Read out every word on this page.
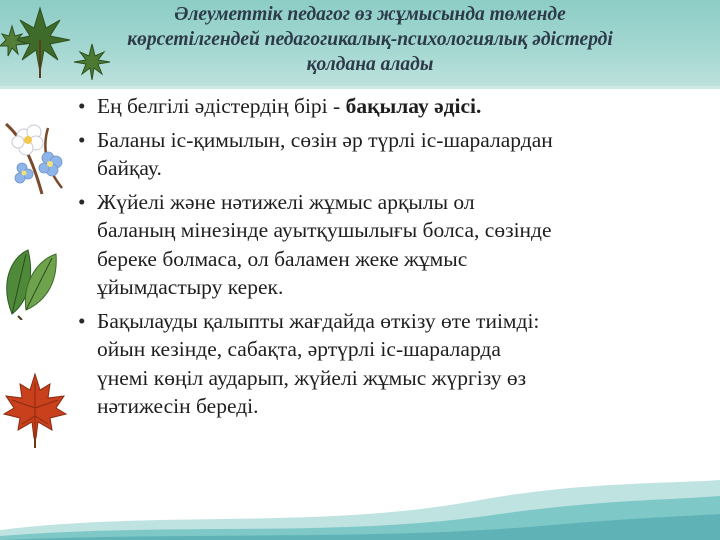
Әлеуметтік педагог өз жұмысында төменде
көрсетілгендей педагогикалық-психологиялық әдістерді
қолдана алады
• Ең белгілі әдістердің бірі - бақылау әдісі.
• Баланы іс-қимылын, сөзін әр түрлі іс-шаралардан
байқау.
• Жүйелі және нәтижелі жұмыс арқылы ол
баланың мінезінде ауытқушылығы болса, сөзінде
береке болмаса, ол баламен жеке жұмыс
ұйымдастыру керек.
• Бақылауды қалыпты жағдайда өткізу өте тиімді:
ойын кезінде, сабақта, әртүрлі іс-шараларда
үнемі көңіл аударып, жүйелі жұмыс жүргізу өз
нәтижесін береді.
